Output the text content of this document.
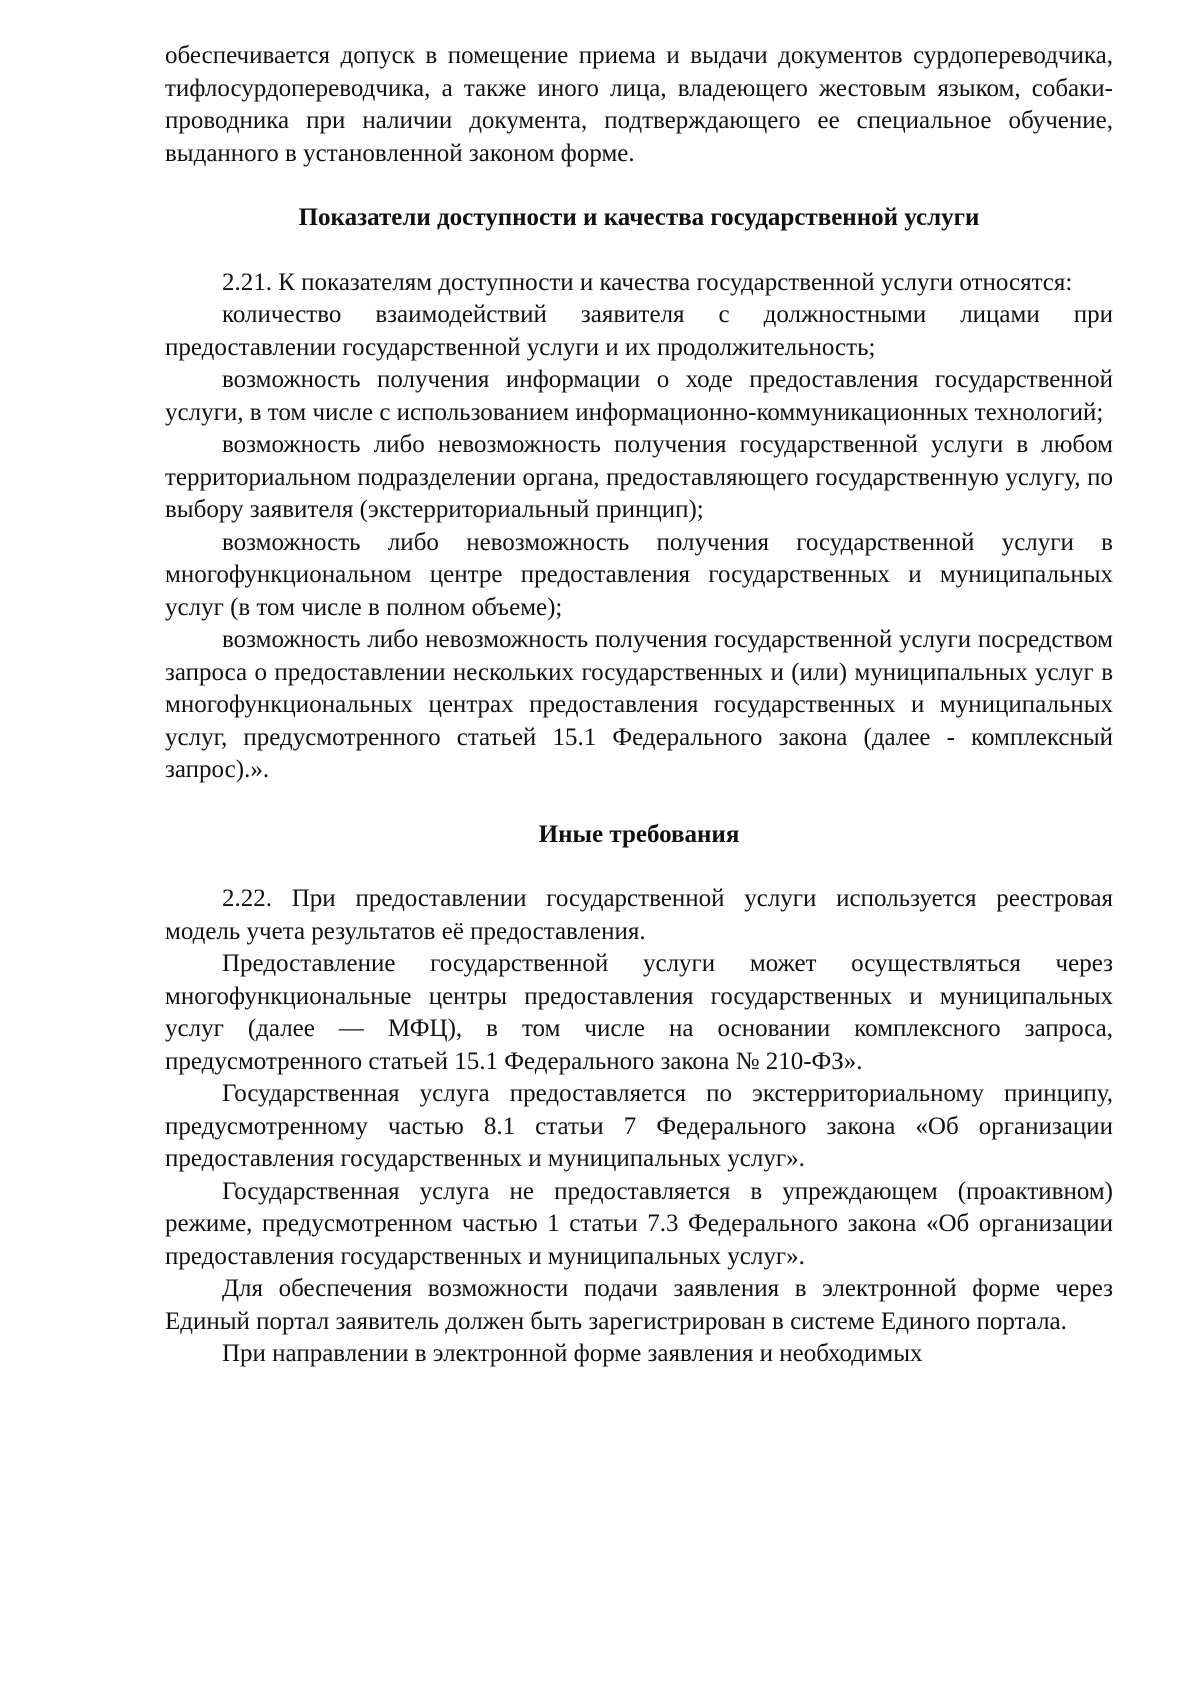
обеспечивается допуск в помещение приема и выдачи документов сурдопереводчика, тифлосурдопереводчика, а также иного лица, владеющего жестовым языком, собаки-проводника при наличии документа, подтверждающего ее специальное обучение, выданного в установленной законом форме.

Показатели доступности и качества государственной услуги

2.21. К показателям доступности и качества государственной услуги относятся:

количество взаимодействий заявителя с должностными лицами при предоставлении государственной услуги и их продолжительность;

возможность получения информации о ходе предоставления государственной услуги, в том числе с использованием информационно-коммуникационных технологий;

возможность либо невозможность получения государственной услуги в любом территориальном подразделении органа, предоставляющего государственную услугу, по выбору заявителя (экстерриториальный принцип);

возможность либо невозможность получения государственной услуги в многофункциональном центре предоставления государственных и муниципальных услуг (в том числе в полном объеме);

возможность либо невозможность получения государственной услуги посредством запроса о предоставлении нескольких государственных и (или) муниципальных услуг в многофункциональных центрах предоставления государственных и муниципальных услуг, предусмотренного статьей 15.1 Федерального закона (далее - комплексный запрос).».

Иные требования

2.22. При предоставлении государственной услуги используется реестровая модель учета результатов её предоставления.

Предоставление государственной услуги может осуществляться через многофункциональные центры предоставления государственных и муниципальных услуг (далее — МФЦ), в том числе на основании комплексного запроса, предусмотренного статьей 15.1 Федерального закона № 210-ФЗ».

Государственная услуга предоставляется по экстерриториальному принципу, предусмотренному частью 8.1 статьи 7 Федерального закона «Об организации предоставления государственных и муниципальных услуг».

Государственная услуга не предоставляется в упреждающем (проактивном) режиме, предусмотренном частью 1 статьи 7.3 Федерального закона «Об организации предоставления государственных и муниципальных услуг».

Для обеспечения возможности подачи заявления в электронной форме через Единый портал заявитель должен быть зарегистрирован в системе Единого портала.

При направлении в электронной форме заявления и необходимых
